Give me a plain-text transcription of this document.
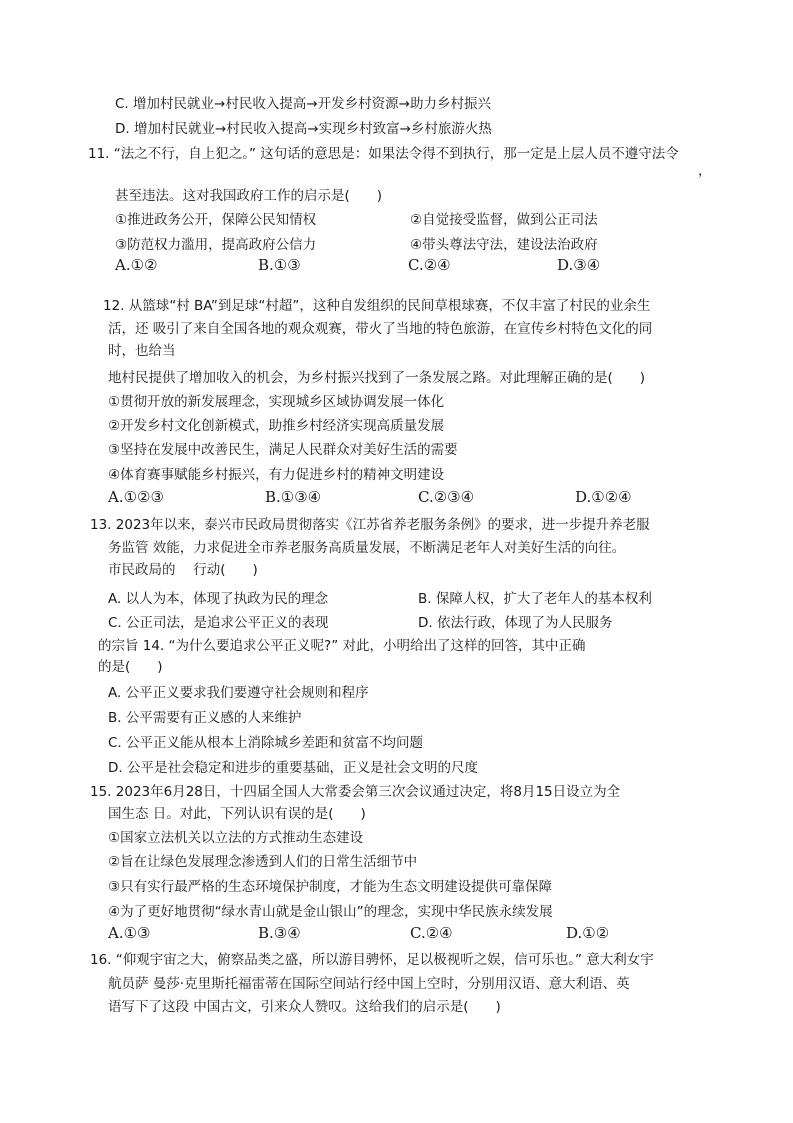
C. 增加村民就业→村民收入提高→开发乡村资源→助力乡村振兴
D. 增加村民就业→村民收入提高→实现乡村致富→乡村旅游火热
11. “法之不行，自上犯之。” 这句话的意思是：如果法令得不到执行，那一定是上层人员不遵守法令
，
甚至违法。这对我国政府工作的启示是(　　)
①推进政务公开，保障公民知情权	②自觉接受监督，做到公正司法
③防范权力滥用，提高政府公信力	④带头尊法守法，建设法治政府
A.①②	B.①③	C.②④	D.③④
12. 从篮球“村 BA”到足球“村超”，这种自发组织的民间草根球赛，不仅丰富了村民的业余生
活，还 吸引了来自全国各地的观众观赛，带火了当地的特色旅游，在宣传乡村特色文化的同
时，也给当
地村民提供了增加收入的机会，为乡村振兴找到了一条发展之路。对此理解正确的是(　　)
①贯彻开放的新发展理念，实现城乡区域协调发展一体化
②开发乡村文化创新模式，助推乡村经济实现高质量发展
③坚持在发展中改善民生，满足人民群众对美好生活的需要
④体育赛事赋能乡村振兴，有力促进乡村的精神文明建设
A.①②③	B.①③④	C.②③④	D.①②④
13. 2023年以来，泰兴市民政局贯彻落实《江苏省养老服务条例》的要求，进一步提升养老服
务监管 效能，力求促进全市养老服务高质量发展，不断满足老年人对美好生活的向往。
市民政局的　 行动(　　)
A. 以人为本，体现了执政为民的理念	B. 保障人权，扩大了老年人的基本权利
C. 公正司法，是追求公平正义的表现	D. 依法行政，体现了为人民服务
的宗旨 14. “为什么要追求公平正义呢?” 对此，小明给出了这样的回答，其中正确
的是(　　)
A. 公平正义要求我们要遵守社会规则和程序
B. 公平需要有正义感的人来维护
C. 公平正义能从根本上消除城乡差距和贫富不均问题
D. 公平是社会稳定和进步的重要基础，正义是社会文明的尺度
15. 2023年6月28日，十四届全国人大常委会第三次会议通过决定，将8月15日设立为全
国生态 日。对此，下列认识有误的是(　　)
①国家立法机关以立法的方式推动生态建设
②旨在让绿色发展理念渗透到人们的日常生活细节中
③只有实行最严格的生态环境保护制度，才能为生态文明建设提供可靠保障
④为了更好地贯彻“绿水青山就是金山银山”的理念，实现中华民族永续发展
A.①③	B.③④	C.②④	D.①②
16. “仰观宇宙之大，俯察品类之盛，所以游目骋怀，足以极视听之娱，信可乐也。” 意大利女宇
航员萨 曼莎·克里斯托福雷蒂在国际空间站行经中国上空时，分别用汉语、意大利语、英
语写下了这段 中国古文，引来众人赞叹。这给我们的启示是(　　)
